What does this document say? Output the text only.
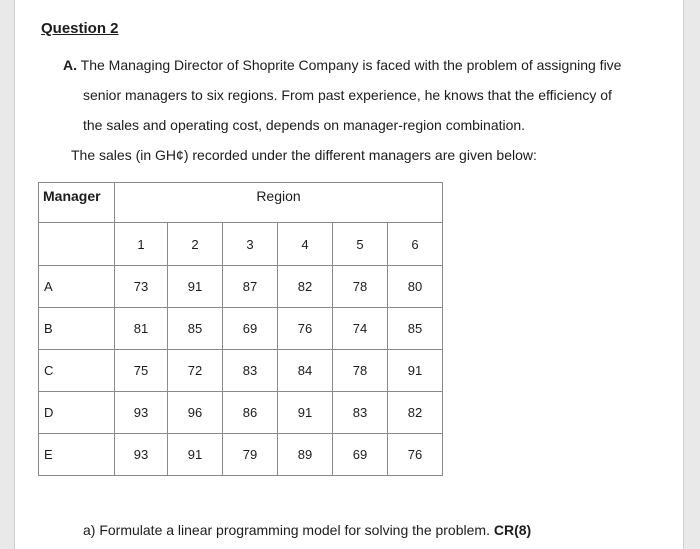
Question 2
A. The Managing Director of Shoprite Company is faced with the problem of assigning five
senior managers to six regions. From past experience, he knows that the efficiency of
the sales and operating cost, depends on manager-region combination.
The sales (in GH¢) recorded under the different managers are given below:
Manager	Region					
	1	2	3	4	5	6
A	73	91	87	82	78	80
B	81	85	69	76	74	85
C	75	72	83	84	78	91
D	93	96	86	91	83	82
E	93	91	79	89	69	76
a) Formulate a linear programming model for solving the problem. CR(8)
